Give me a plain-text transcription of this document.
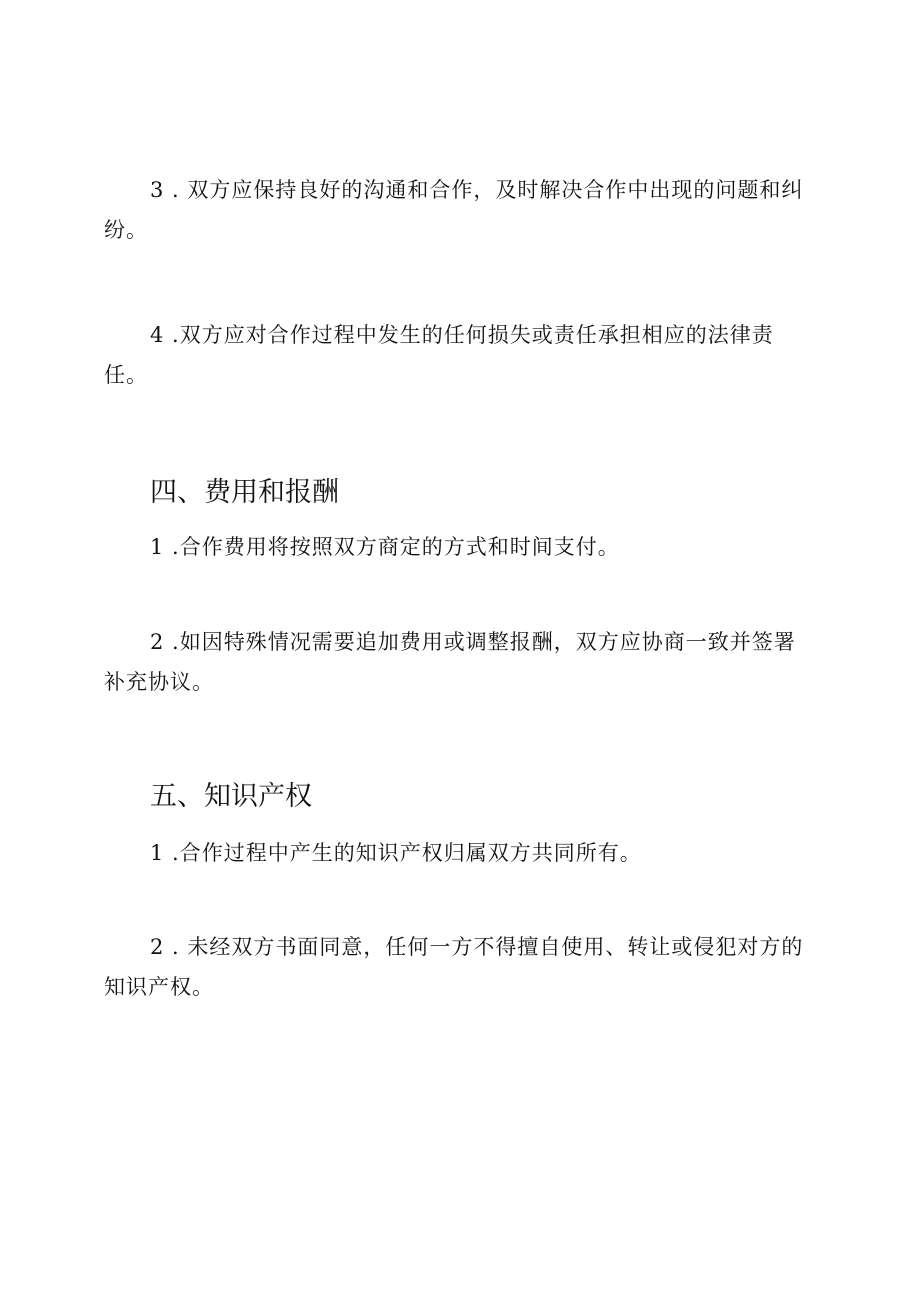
3 . 双方应保持良好的沟通和合作，及时解决合作中出现的问题和纠纷。

4 .双方应对合作过程中发生的任何损失或责任承担相应的法律责任。

四、费用和报酬

1 .合作费用将按照双方商定的方式和时间支付。

2 .如因特殊情况需要追加费用或调整报酬，双方应协商一致并签署补充协议。

五、知识产权

1 .合作过程中产生的知识产权归属双方共同所有。

2 . 未经双方书面同意，任何一方不得擅自使用、转让或侵犯对方的知识产权。
